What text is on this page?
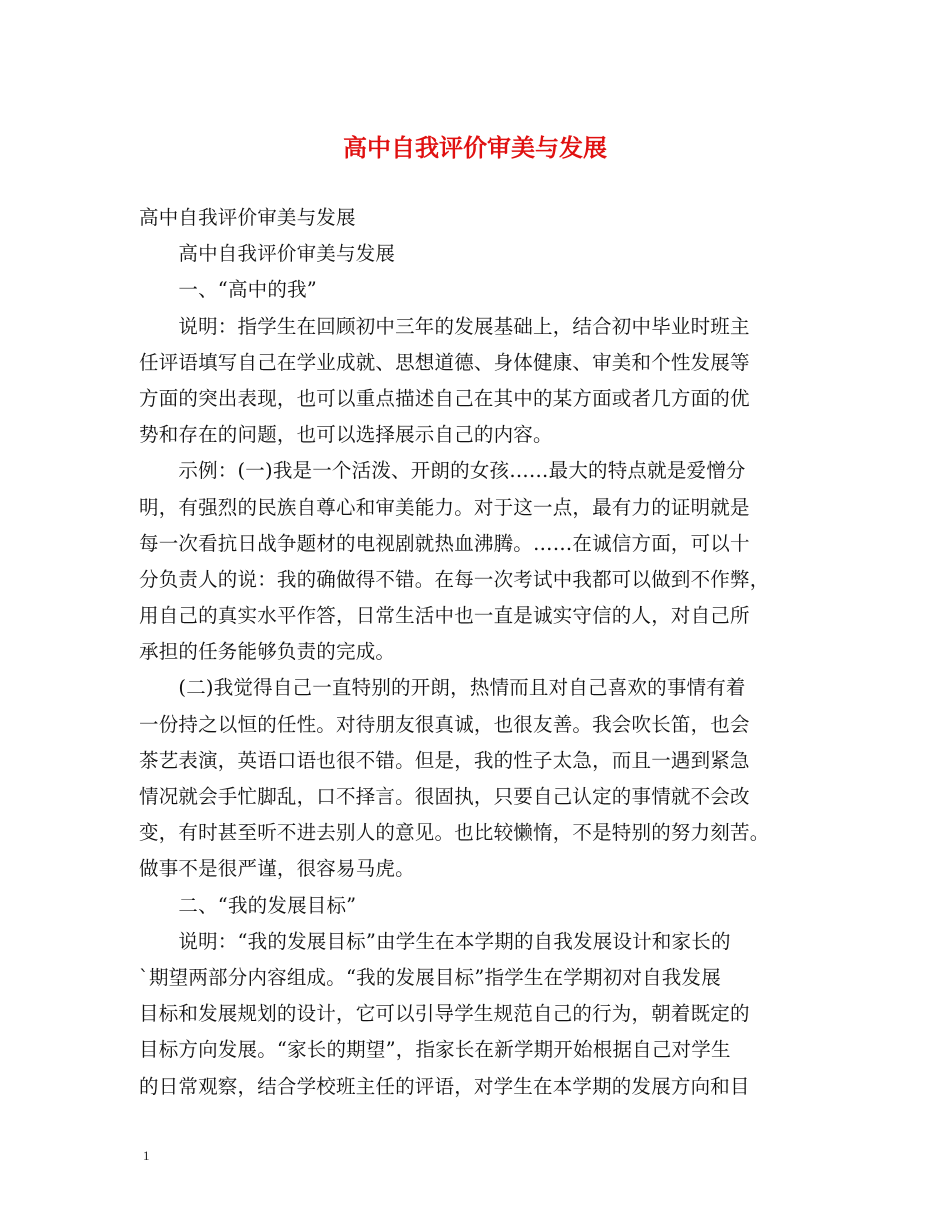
高中自我评价审美与发展
高中自我评价审美与发展
　　高中自我评价审美与发展
　　一、“高中的我”
　　说明：指学生在回顾初中三年的发展基础上，结合初中毕业时班主
任评语填写自己在学业成就、思想道德、身体健康、审美和个性发展等
方面的突出表现，也可以重点描述自己在其中的某方面或者几方面的优
势和存在的问题，也可以选择展示自己的内容。
　　示例：(一)我是一个活泼、开朗的女孩……最大的特点就是爱憎分
明，有强烈的民族自尊心和审美能力。对于这一点，最有力的证明就是
每一次看抗日战争题材的电视剧就热血沸腾。……在诚信方面，可以十
分负责人的说：我的确做得不错。在每一次考试中我都可以做到不作弊，
用自己的真实水平作答，日常生活中也一直是诚实守信的人，对自己所
承担的任务能够负责的完成。
　　(二)我觉得自己一直特别的开朗，热情而且对自己喜欢的事情有着
一份持之以恒的任性。对待朋友很真诚，也很友善。我会吹长笛，也会
茶艺表演，英语口语也很不错。但是，我的性子太急，而且一遇到紧急
情况就会手忙脚乱，口不择言。很固执，只要自己认定的事情就不会改
变，有时甚至听不进去别人的意见。也比较懒惰，不是特别的努力刻苦。
做事不是很严谨，很容易马虎。
　　二、“我的发展目标”
　　说明：“我的发展目标”由学生在本学期的自我发展设计和家长的
`期望两部分内容组成。“我的发展目标”指学生在学期初对自我发展
目标和发展规划的设计，它可以引导学生规范自己的行为，朝着既定的
目标方向发展。“家长的期望”，指家长在新学期开始根据自己对学生
的日常观察，结合学校班主任的评语，对学生在本学期的发展方向和目
1
